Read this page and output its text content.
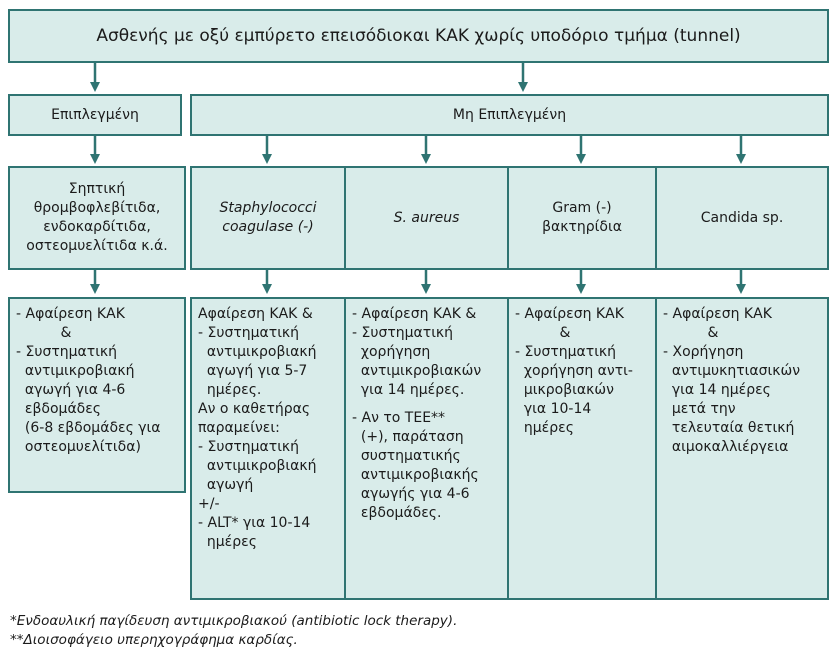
Ασθενής με οξύ εμπύρετο επεισόδιοκαι ΚΑΚ χωρίς υποδόριο τμήμα (tunnel)
Επιπλεγμένη	Μη Επιπλεγμένη
Σηπτική
θρομβοφλεβίτιδα,
ενδοκαρδίτιδα,
οστεομυελίτιδα κ.ά.
Staphylococci
coagulase (-)
S. aureus
Gram (-)
βακτηρίδια
Candida sp.
- Αφαίρεση ΚΑΚ
&
- Συστηματική
αντιμικροβιακή
αγωγή για 4-6
εβδομάδες
(6-8 εβδομάδες για
οστεομυελίτιδα)
Αφαίρεση ΚΑΚ &
- Συστηματική
αντιμικροβιακή
αγωγή για 5-7
ημέρες.
Αν ο καθετήρας
παραμείνει:
- Συστηματική
αντιμικροβιακή
αγωγή
+/-
- ALT* για 10-14
ημέρες
- Αφαίρεση ΚΑΚ &
- Συστηματική
χορήγηση
αντιμικροβιακών
για 14 ημέρες.
- Αν το ΤΕΕ**
(+), παράταση
συστηματικής
αντιμικροβιακής
αγωγής για 4-6
εβδομάδες.
- Αφαίρεση ΚΑΚ
&
- Συστηματική
χορήγηση αντι-
μικροβιακών
για 10-14
ημέρες
- Αφαίρεση ΚΑΚ
&
- Χορήγηση
αντιμυκητιασικών
για 14 ημέρες
μετά την
τελευταία θετική
αιμοκαλλιέργεια
*Ενδοαυλική παγίδευση αντιμικροβιακού (antibiotic lock therapy).
**Διοισοφάγειο υπερηχογράφημα καρδίας.
